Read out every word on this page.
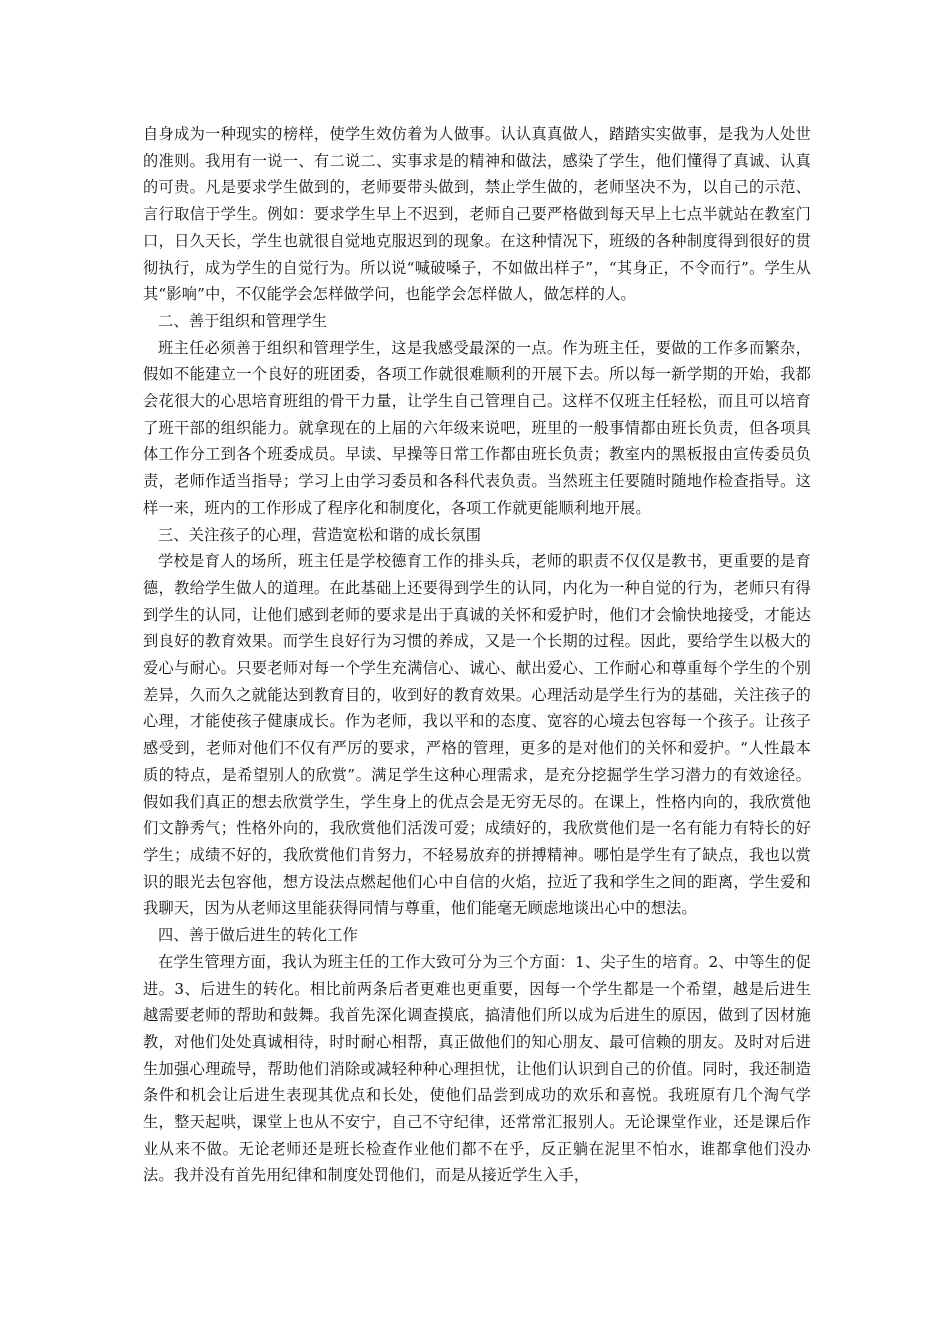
自身成为一种现实的榜样，使学生效仿着为人做事。认认真真做人，踏踏实实做事，是我为人处世的准则。我用有一说一、有二说二、实事求是的精神和做法，感染了学生，他们懂得了真诚、认真的可贵。凡是要求学生做到的，老师要带头做到，禁止学生做的，老师坚决不为，以自己的示范、言行取信于学生。例如：要求学生早上不迟到，老师自己要严格做到每天早上七点半就站在教室门口，日久天长，学生也就很自觉地克服迟到的现象。在这种情况下，班级的各种制度得到很好的贯彻执行，成为学生的自觉行为。所以说“喊破嗓子，不如做出样子”，“其身正，不令而行”。学生从其“影响”中，不仅能学会怎样做学问，也能学会怎样做人，做怎样的人。

二、善于组织和管理学生

班主任必须善于组织和管理学生，这是我感受最深的一点。作为班主任，要做的工作多而繁杂，假如不能建立一个良好的班团委，各项工作就很难顺利的开展下去。所以每一新学期的开始，我都会花很大的心思培育班组的骨干力量，让学生自己管理自己。这样不仅班主任轻松，而且可以培育了班干部的组织能力。就拿现在的上届的六年级来说吧，班里的一般事情都由班长负责，但各项具体工作分工到各个班委成员。早读、早操等日常工作都由班长负责；教室内的黑板报由宣传委员负责，老师作适当指导；学习上由学习委员和各科代表负责。当然班主任要随时随地作检查指导。这样一来，班内的工作形成了程序化和制度化，各项工作就更能顺利地开展。

三、关注孩子的心理，营造宽松和谐的成长氛围

学校是育人的场所，班主任是学校德育工作的排头兵，老师的职责不仅仅是教书，更重要的是育德，教给学生做人的道理。在此基础上还要得到学生的认同，内化为一种自觉的行为，老师只有得到学生的认同，让他们感到老师的要求是出于真诚的关怀和爱护时，他们才会愉快地接受，才能达到良好的教育效果。而学生良好行为习惯的养成，又是一个长期的过程。因此，要给学生以极大的爱心与耐心。只要老师对每一个学生充满信心、诚心、献出爱心、工作耐心和尊重每个学生的个别差异，久而久之就能达到教育目的，收到好的教育效果。心理活动是学生行为的基础，关注孩子的心理，才能使孩子健康成长。作为老师，我以平和的态度、宽容的心境去包容每一个孩子。让孩子感受到，老师对他们不仅有严厉的要求，严格的管理，更多的是对他们的关怀和爱护。“人性最本质的特点，是希望别人的欣赏”。满足学生这种心理需求，是充分挖掘学生学习潜力的有效途径。假如我们真正的想去欣赏学生，学生身上的优点会是无穷无尽的。在课上，性格内向的，我欣赏他们文静秀气；性格外向的，我欣赏他们活泼可爱；成绩好的，我欣赏他们是一名有能力有特长的好学生；成绩不好的，我欣赏他们肯努力，不轻易放弃的拼搏精神。哪怕是学生有了缺点，我也以赏识的眼光去包容他，想方设法点燃起他们心中自信的火焰，拉近了我和学生之间的距离，学生爱和我聊天，因为从老师这里能获得同情与尊重，他们能毫无顾虑地谈出心中的想法。

四、善于做后进生的转化工作

在学生管理方面，我认为班主任的工作大致可分为三个方面：1、尖子生的培育。2、中等生的促进。3、后进生的转化。相比前两条后者更难也更重要，因每一个学生都是一个希望，越是后进生越需要老师的帮助和鼓舞。我首先深化调查摸底，搞清他们所以成为后进生的原因，做到了因材施教，对他们处处真诚相待，时时耐心相帮，真正做他们的知心朋友、最可信赖的朋友。及时对后进生加强心理疏导，帮助他们消除或减轻种种心理担忧，让他们认识到自己的价值。同时，我还制造条件和机会让后进生表现其优点和长处，使他们品尝到成功的欢乐和喜悦。我班原有几个淘气学生，整天起哄，课堂上也从不安宁，自己不守纪律，还常常汇报别人。无论课堂作业，还是课后作业从来不做。无论老师还是班长检查作业他们都不在乎，反正躺在泥里不怕水，谁都拿他们没办法。我并没有首先用纪律和制度处罚他们，而是从接近学生入手，
